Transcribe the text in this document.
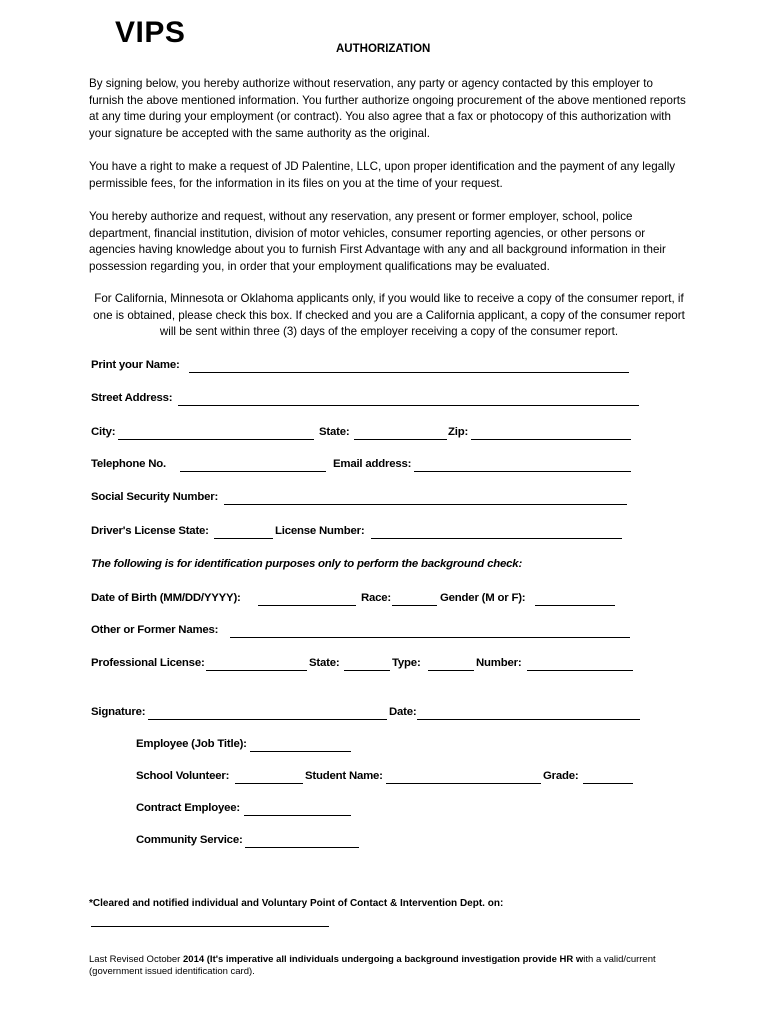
VIPS	AUTHORIZATION
By signing below, you hereby authorize without reservation, any party or agency contacted by this employer to furnish the above mentioned information. You further authorize ongoing procurement of the above mentioned reports at any time during your employment (or contract). You also agree that a fax or photocopy of this authorization with your signature be accepted with the same authority as the original.
You have a right to make a request of JD Palentine, LLC, upon proper identification and the payment of any legally permissible fees, for the information in its files on you at the time of your request.
You hereby authorize and request, without any reservation, any present or former employer, school, police department, financial institution, division of motor vehicles, consumer reporting agencies, or other persons or agencies having knowledge about you to furnish First Advantage with any and all background information in their possession regarding you, in order that your employment qualifications may be evaluated.
For California, Minnesota or Oklahoma applicants only, if you would like to receive a copy of the consumer report, if one is obtained, please check this box. If checked and you are a California applicant, a copy of the consumer report will be sent within three (3) days of the employer receiving a copy of the consumer report.
Print your Name:
Street Address:
City:	State:	Zip:
Telephone No.	Email address:
Social Security Number:
Driver's License State:	License Number:
The following is for identification purposes only to perform the background check:
Date of Birth (MM/DD/YYYY):	Race:	Gender (M or F):
Other or Former Names:
Professional License:	State:	Type:	Number:
Signature:	Date:
Employee (Job Title):
School Volunteer:	Student Name:	Grade:
Contract Employee:
Community Service:
*Cleared and notified individual and Voluntary Point of Contact & Intervention Dept. on:
Last Revised October 2014 (It's imperative all individuals undergoing a background investigation provide HR with a valid/current (government issued identification card).
